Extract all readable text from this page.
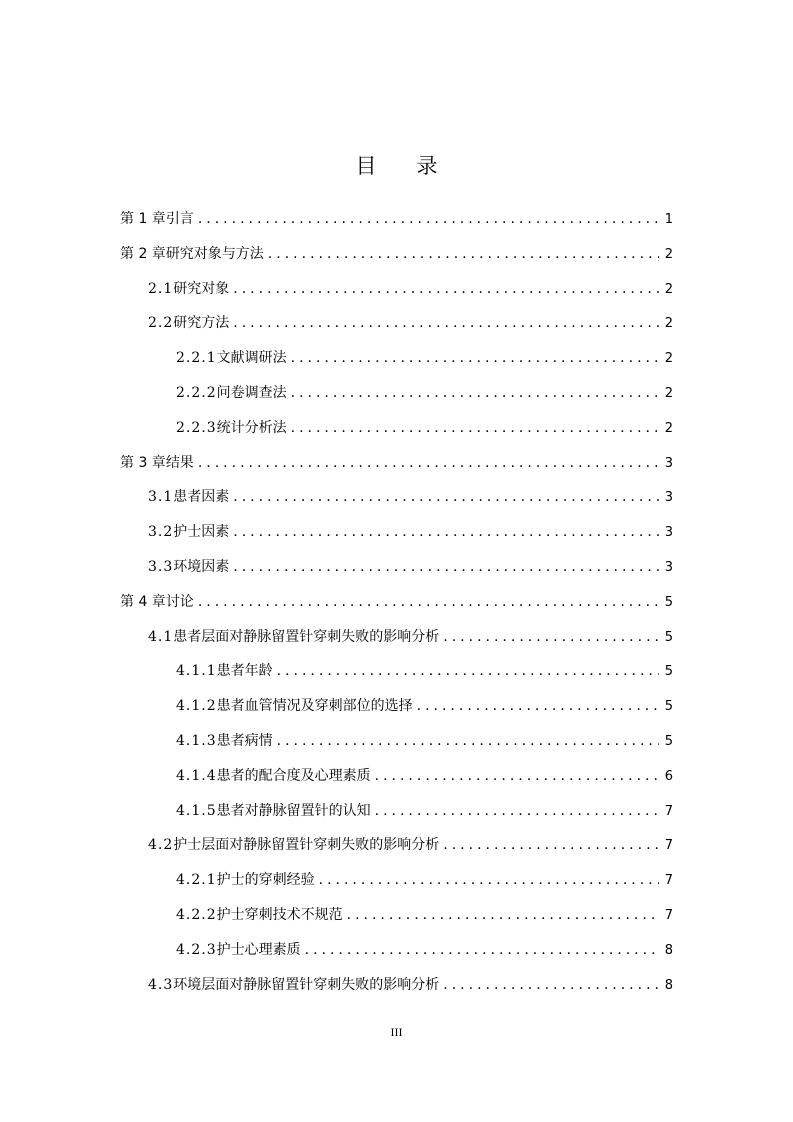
目 录
第 1 章 引言 .....	1
第 2 章 研究对象与方法 .....	2
2.1 研究对象 .....	2
2.2 研究方法 .....	2
2.2.1 文献调研法 .....	2
2.2.2 问卷调查法 .....	2
2.2.3 统计分析法 .....	2
第 3 章 结果 .....	3
3.1 患者因素 .....	3
3.2 护士因素 .....	3
3.3 环境因素 .....	3
第 4 章 讨论 .....	5
4.1 患者层面对静脉留置针穿刺失败的影响分析 .....	5
4.1.1 患者年龄 .....	5
4.1.2 患者血管情况及穿刺部位的选择 .....	5
4.1.3 患者病情 .....	5
4.1.4 患者的配合度及心理素质 .....	6
4.1.5 患者对静脉留置针的认知 .....	7
4.2 护士层面对静脉留置针穿刺失败的影响分析 .....	7
4.2.1 护士的穿刺经验 .....	7
4.2.2 护士穿刺技术不规范 .....	7
4.2.3 护士心理素质 .....	8
4.3 环境层面对静脉留置针穿刺失败的影响分析 .....	8
III
